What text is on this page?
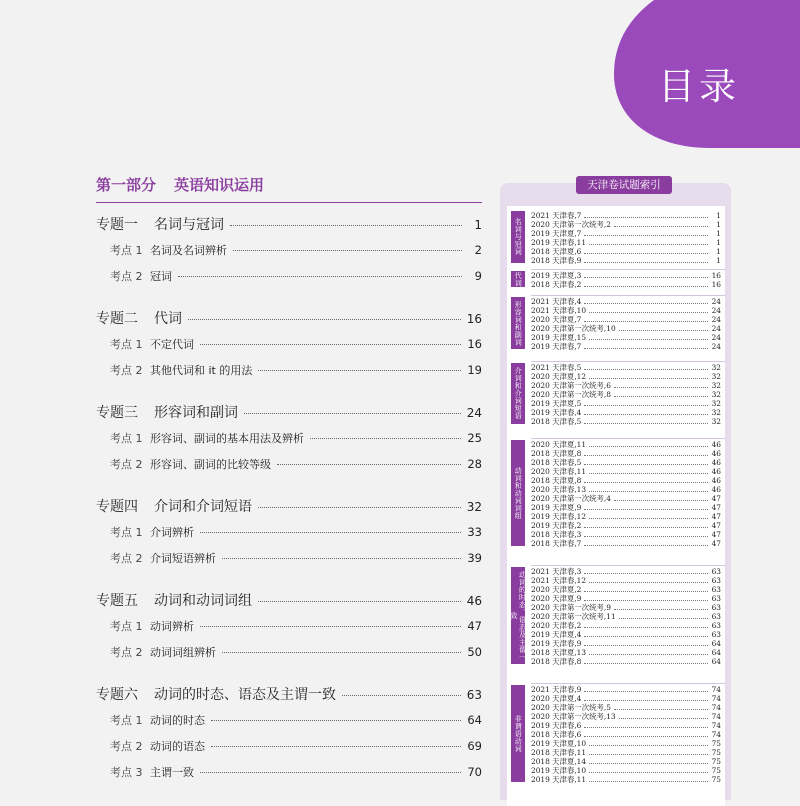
目录
第一部分 英语知识运用
专题一	名词与冠词	1
考点 1 名词及名词辨析	2
考点 2 冠词	9
专题二	代词	16
考点 1 不定代词	16
考点 2 其他代词和 it 的用法	19
专题三	形容词和副词	24
考点 1 形容词、副词的基本用法及辨析	25
考点 2 形容词、副词的比较等级	28
专题四	介词和介词短语	32
考点 1 介词辨析	33
考点 2 介词短语辨析	39
专题五	动词和动词词组	46
考点 1 动词辨析	47
考点 2 动词词组辨析	50
专题六	动词的时态、语态及主谓一致	63
考点 1 动词的时态	64
考点 2 动词的语态	69
考点 3 主谓一致	70
天津卷试题索引
名词与冠词
2021 天津春,7	1
2020 天津第一次统考,2	1
2019 天津夏,7	1
2019 天津春,11	1
2018 天津夏,6	1
2018 天津春,9	1
代词	2019 天津夏,3	16
2018 天津春,2	16
形容词和副词	2021 天津春,4	24
2021 天津春,10	24
2020 天津夏,7	24
2020 天津第一次统考,10	24
2019 天津夏,15	24
2019 天津春,7	24
介词和介词短语
2021 天津春,5	32
2020 天津夏,12	32
2020 天津第一次统考,6	32
2020 天津第一次统考,8	32
2019 天津夏,5	32
2019 天津春,4	32
2018 天津春,5	32
动词和动词词组
2020 天津夏,11	46
2018 天津夏,8	46
2018 天津春,5	46
2020 天津春,11	46
2018 天津夏,8	46
2020 天津春,13	46
2020 天津第一次统考,4	47
2019 天津夏,9	47
2019 天津春,12	47
2019 天津春,2	47
2018 天津春,3	47
2018 天津春,7	47
动词的时态、语态及主谓一致
2021 天津春,3	63
2021 天津春,12	63
2020 天津夏,2	63
2020 天津夏,9	63
2020 天津第一次统考,9	63
2020 天津第一次统考,11	63
2020 天津春,2	63
2019 天津夏,4	63
2019 天津春,9	64
2018 天津夏,13	64
2018 天津春,8	64
非谓语动词
2021 天津春,9	74
2020 天津夏,4	74
2020 天津第一次统考,5	74
2020 天津第一次统考,13	74
2019 天津春,6	74
2018 天津春,6	74
2019 天津夏,10	75
2018 天津春,11	75
2018 天津夏,14	75
2019 天津春,10	75
2019 天津春,11	75
